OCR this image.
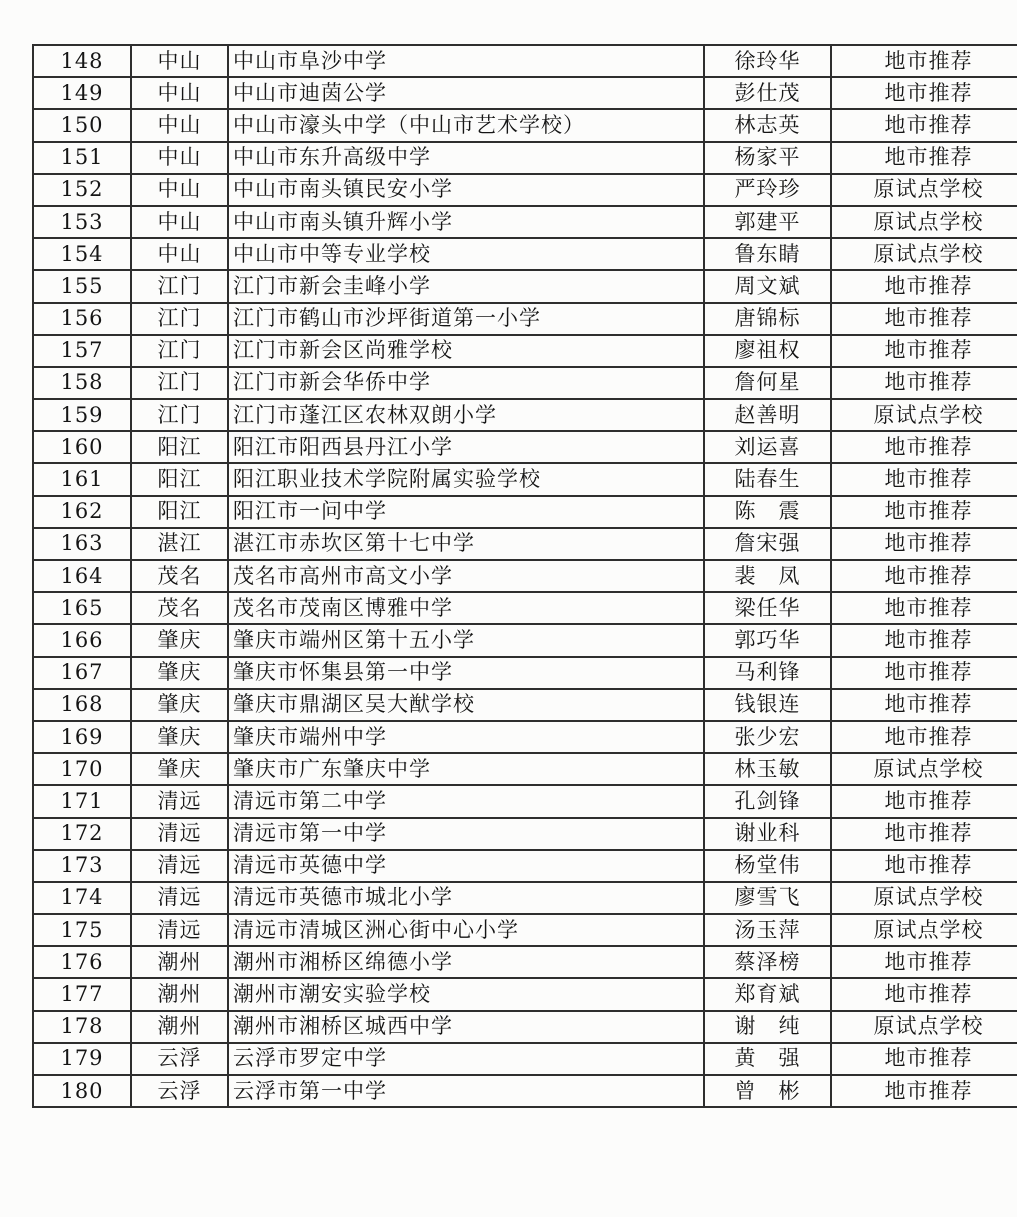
148	中山	中山市阜沙中学	徐玲华	地市推荐
149	中山	中山市迪茵公学	彭仕茂	地市推荐
150	中山	中山市濠头中学（中山市艺术学校）	林志英	地市推荐
151	中山	中山市东升高级中学	杨家平	地市推荐
152	中山	中山市南头镇民安小学	严玲珍	原试点学校
153	中山	中山市南头镇升辉小学	郭建平	原试点学校
154	中山	中山市中等专业学校	鲁东睛	原试点学校
155	江门	江门市新会圭峰小学	周文斌	地市推荐
156	江门	江门市鹤山市沙坪街道第一小学	唐锦标	地市推荐
157	江门	江门市新会区尚雅学校	廖祖权	地市推荐
158	江门	江门市新会华侨中学	詹何星	地市推荐
159	江门	江门市蓬江区农林双朗小学	赵善明	原试点学校
160	阳江	阳江市阳西县丹江小学	刘运喜	地市推荐
161	阳江	阳江职业技术学院附属实验学校	陆春生	地市推荐
162	阳江	阳江市一问中学	陈　震	地市推荐
163	湛江	湛江市赤坎区第十七中学	詹宋强	地市推荐
164	茂名	茂名市高州市高文小学	裴　凤	地市推荐
165	茂名	茂名市茂南区博雅中学	梁任华	地市推荐
166	肇庆	肇庆市端州区第十五小学	郭巧华	地市推荐
167	肇庆	肇庆市怀集县第一中学	马利锋	地市推荐
168	肇庆	肇庆市鼎湖区吴大猷学校	钱银连	地市推荐
169	肇庆	肇庆市端州中学	张少宏	地市推荐
170	肇庆	肇庆市广东肇庆中学	林玉敏	原试点学校
171	清远	清远市第二中学	孔剑锋	地市推荐
172	清远	清远市第一中学	谢业科	地市推荐
173	清远	清远市英德中学	杨堂伟	地市推荐
174	清远	清远市英德市城北小学	廖雪飞	原试点学校
175	清远	清远市清城区洲心街中心小学	汤玉萍	原试点学校
176	潮州	潮州市湘桥区绵德小学	蔡泽榜	地市推荐
177	潮州	潮州市潮安实验学校	郑育斌	地市推荐
178	潮州	潮州市湘桥区城西中学	谢　纯	原试点学校
179	云浮	云浮市罗定中学	黄　强	地市推荐
180	云浮	云浮市第一中学	曾　彬	地市推荐
